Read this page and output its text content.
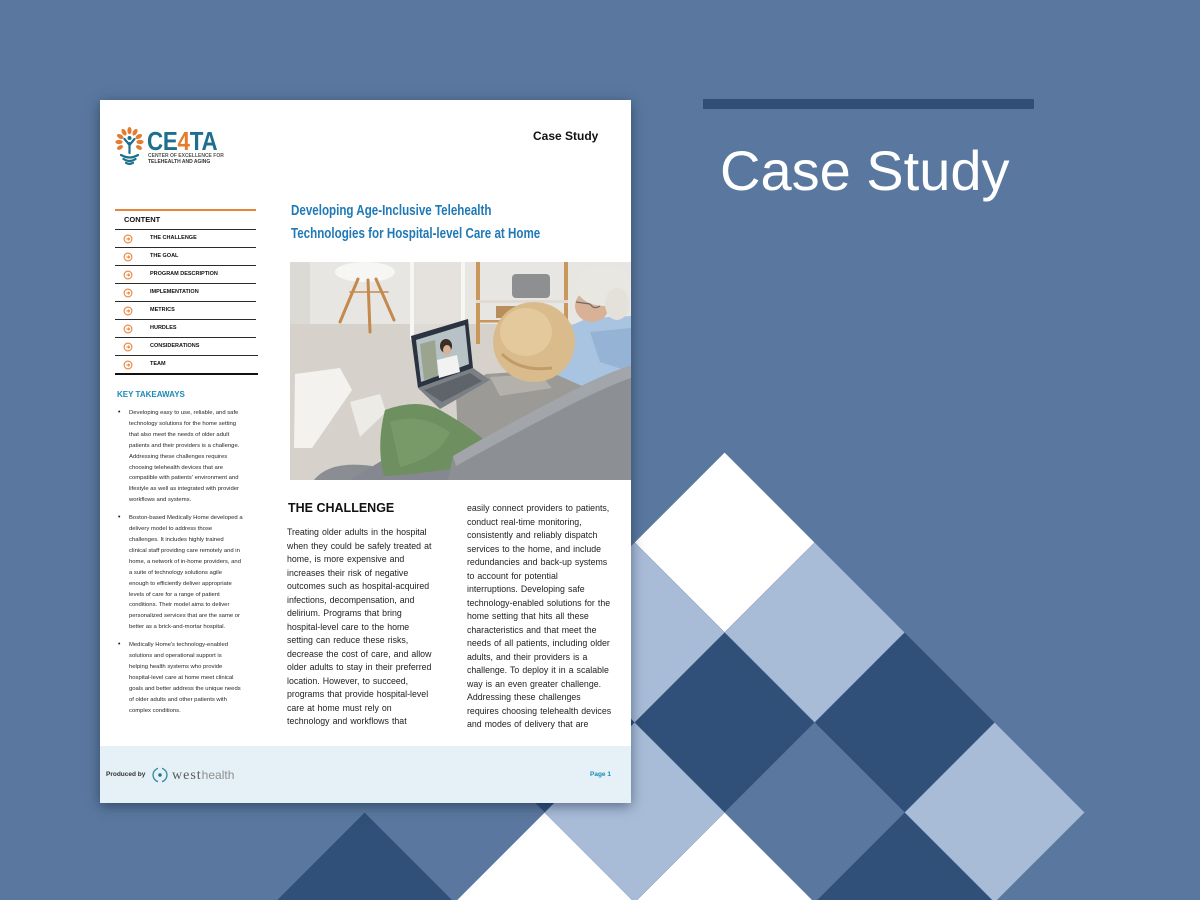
Case Study
CE4TA
CENTER OF EXCELLENCE FOR
TELEHEALTH AND AGING
Case Study
CONTENT
THE CHALLENGE
THE GOAL
PROGRAM DESCRIPTION
IMPLEMENTATION
METRICS
HURDLES
CONSIDERATIONS
TEAM
KEY TAKEAWAYS
• Developing easy to use, reliable, and safe
technology solutions for the home setting
that also meet the needs of older adult
patients and their providers is a challenge.
Addressing these challenges requires
choosing telehealth devices that are
compatible with patients' environment and
lifestyle as well as integrated with provider
workflows and systems.
• Boston-based Medically Home developed a
delivery model to address those
challenges. It includes highly trained
clinical staff providing care remotely and in
home, a network of in-home providers, and
a suite of technology solutions agile
enough to efficiently deliver appropriate
levels of care for a range of patient
conditions. Their model aims to deliver
personalized services that are the same or
better as a brick-and-mortar hospital.
• Medically Home's technology-enabled
solutions and operational support is
helping health systems who provide
hospital-level care at home meet clinical
goals and better address the unique needs
of older adults and other patients with
complex conditions.
Developing Age-Inclusive Telehealth
Technologies for Hospital-level Care at Home
THE CHALLENGE
Treating older adults in the hospital
when they could be safely treated at
home, is more expensive and
increases their risk of negative
outcomes such as hospital-acquired
infections, decompensation, and
delirium. Programs that bring
hospital-level care to the home
setting can reduce these risks,
decrease the cost of care, and allow
older adults to stay in their preferred
location. However, to succeed,
programs that provide hospital-level
care at home must rely on
technology and workflows that
easily connect providers to patients,
conduct real-time monitoring,
consistently and reliably dispatch
services to the home, and include
redundancies and back-up systems
to account for potential
interruptions. Developing safe
technology-enabled solutions for the
home setting that hits all these
characteristics and that meet the
needs of all patients, including older
adults, and their providers is a
challenge. To deploy it in a scalable
way is an even greater challenge.
Addressing these challenges
requires choosing telehealth devices
and modes of delivery that are
Produced by westhealth	Page 1
